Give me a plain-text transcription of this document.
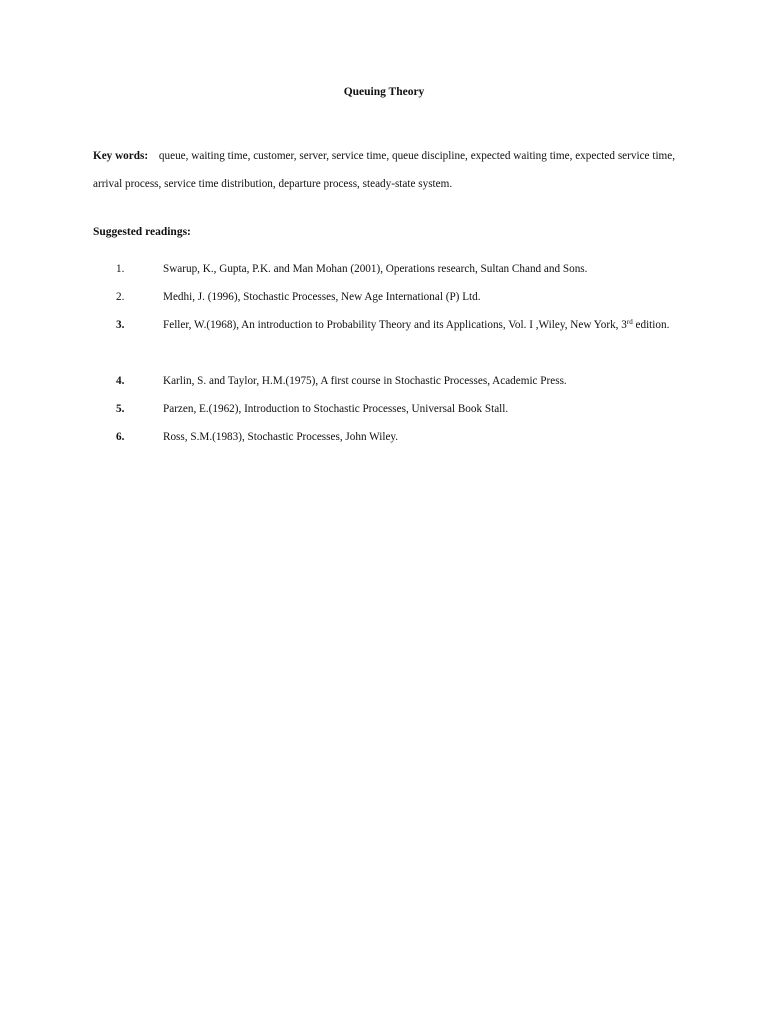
Queuing Theory
Key words: queue, waiting time, customer, server, service time, queue discipline, expected waiting time, expected service time, arrival process, service time distribution, departure process, steady-state system.
Suggested readings:
1.	Swarup, K., Gupta, P.K. and Man Mohan (2001), Operations research, Sultan Chand and Sons.
2.	Medhi, J. (1996), Stochastic Processes, New Age International (P) Ltd.
3.	Feller, W.(1968), An introduction to Probability Theory and its Applications, Vol. I ,Wiley, New York, 3rd edition.
4.	Karlin, S. and Taylor, H.M.(1975), A first course in Stochastic Processes, Academic Press.
5.	Parzen, E.(1962), Introduction to Stochastic Processes, Universal Book Stall.
6.	Ross, S.M.(1983), Stochastic Processes, John Wiley.
